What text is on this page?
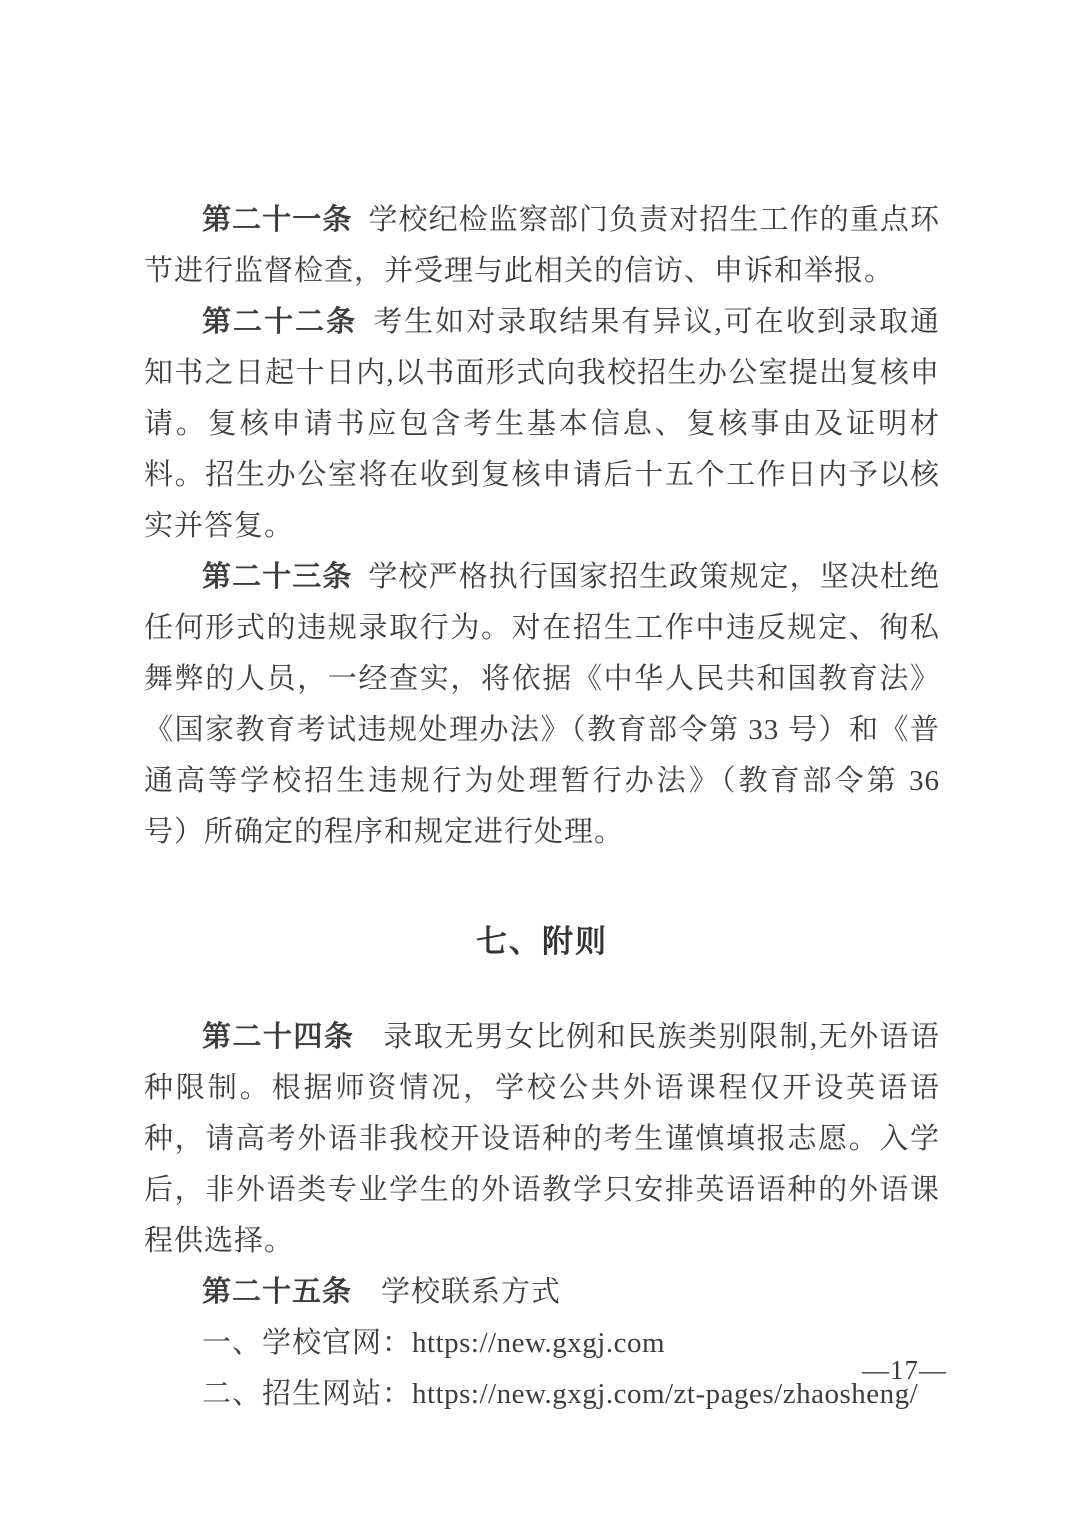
第二十一条 学校纪检监察部门负责对招生工作的重点环节进行监督检查，并受理与此相关的信访、申诉和举报。

第二十二条 考生如对录取结果有异议,可在收到录取通知书之日起十日内,以书面形式向我校招生办公室提出复核申请。复核申请书应包含考生基本信息、复核事由及证明材料。招生办公室将在收到复核申请后十五个工作日内予以核实并答复。

第二十三条 学校严格执行国家招生政策规定，坚决杜绝任何形式的违规录取行为。对在招生工作中违反规定、徇私舞弊的人员，一经查实，将依据《中华人民共和国教育法》《国家教育考试违规处理办法》（教育部令第 33 号）和《普通高等学校招生违规行为处理暂行办法》（教育部令第 36 号）所确定的程序和规定进行处理。

七、附则

第二十四条 录取无男女比例和民族类别限制,无外语语种限制。根据师资情况，学校公共外语课程仅开设英语语种，请高考外语非我校开设语种的考生谨慎填报志愿。入学后，非外语类专业学生的外语教学只安排英语语种的外语课程供选择。

第二十五条 学校联系方式

一、学校官网：https://new.gxgj.com

二、招生网站：https://new.gxgj.com/zt-pages/zhaosheng/

—17—
